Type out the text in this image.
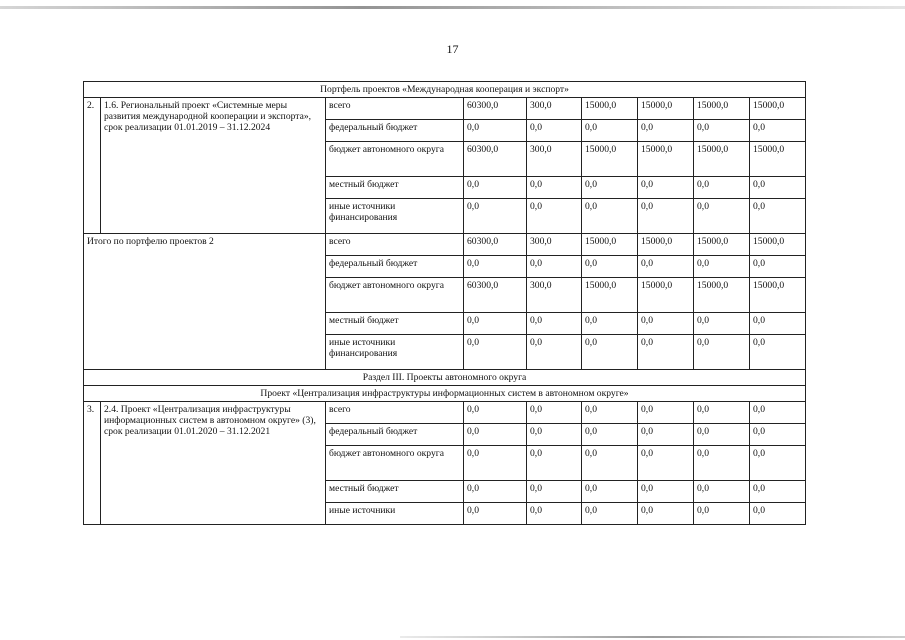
17
Портфель проектов «Международная кооперация и экспорт»								
2.	1.6. Региональный проект «Системные меры развития международной кооперации и экспорта», срок реализации 01.01.2019 – 31.12.2024	всего	60300,0	300,0	15000,0	15000,0	15000,0	15000,0
		федеральный бюджет	0,0	0,0	0,0	0,0	0,0	0,0
		бюджет автономного округа	60300,0	300,0	15000,0	15000,0	15000,0	15000,0
		местный бюджет	0,0	0,0	0,0	0,0	0,0	0,0
		иные источники финансирования	0,0	0,0	0,0	0,0	0,0	0,0
Итого по портфелю проектов 2		всего	60300,0	300,0	15000,0	15000,0	15000,0	15000,0
		федеральный бюджет	0,0	0,0	0,0	0,0	0,0	0,0
		бюджет автономного округа	60300,0	300,0	15000,0	15000,0	15000,0	15000,0
		местный бюджет	0,0	0,0	0,0	0,0	0,0	0,0
		иные источники финансирования	0,0	0,0	0,0	0,0	0,0	0,0
Раздел III. Проекты автономного округа								
Проект «Централизация инфраструктуры информационных систем в автономном округе»								
3.	2.4. Проект «Централизация инфраструктуры информационных систем в автономном округе» (3), срок реализации 01.01.2020 – 31.12.2021	всего	0,0	0,0	0,0	0,0	0,0	0,0
		федеральный бюджет	0,0	0,0	0,0	0,0	0,0	0,0
		бюджет автономного округа	0,0	0,0	0,0	0,0	0,0	0,0
		местный бюджет	0,0	0,0	0,0	0,0	0,0	0,0
		иные источники	0,0	0,0	0,0	0,0	0,0	0,0
